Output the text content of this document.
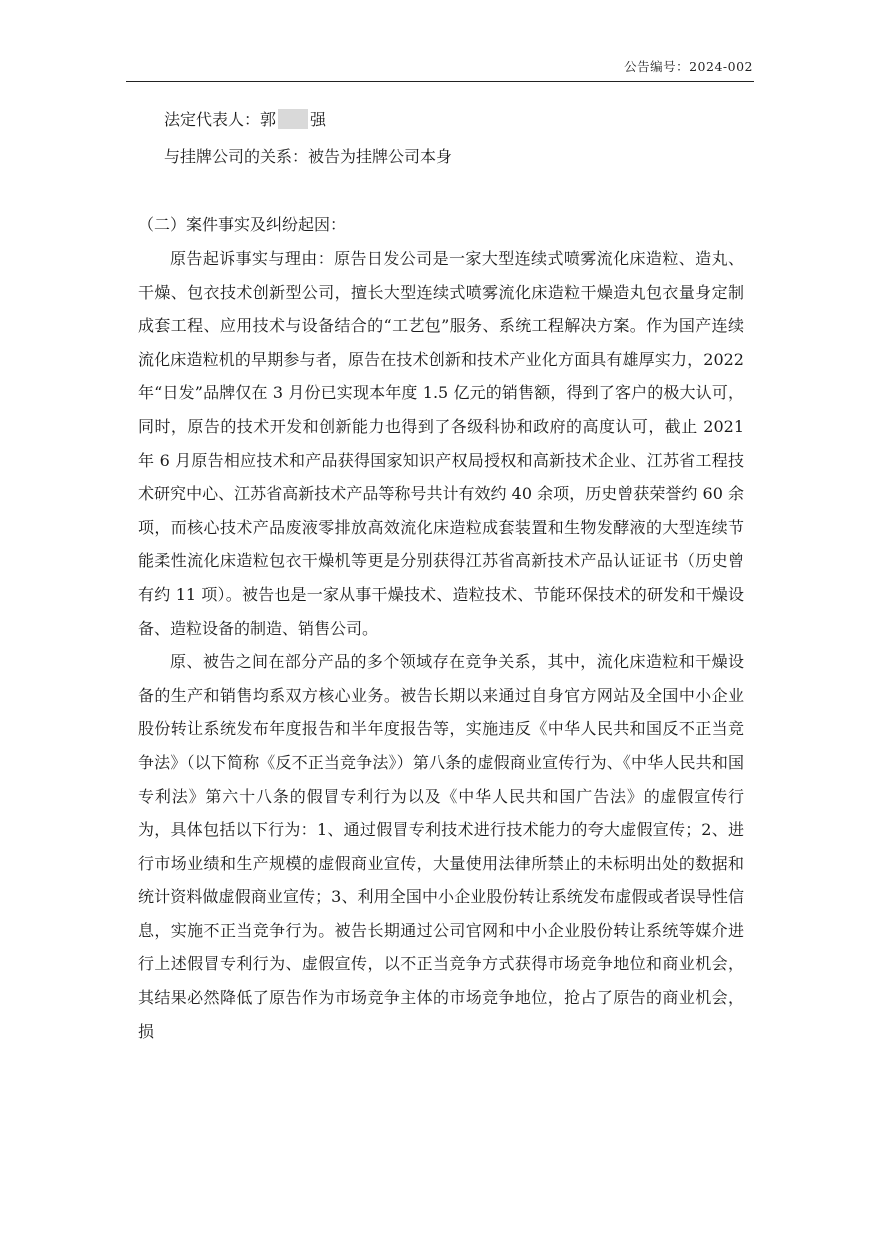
公告编号：2024-002
法定代表人：郭 强
与挂牌公司的关系：被告为挂牌公司本身
（二）案件事实及纠纷起因：

原告起诉事实与理由：原告日发公司是一家大型连续式喷雾流化床造粒、造丸、干燥、包衣技术创新型公司，擅长大型连续式喷雾流化床造粒干燥造丸包衣量身定制成套工程、应用技术与设备结合的“工艺包”服务、系统工程解决方案。作为国产连续流化床造粒机的早期参与者，原告在技术创新和技术产业化方面具有雄厚实力，2022 年“日发”品牌仅在 3 月份已实现本年度 1.5 亿元的销售额，得到了客户的极大认可，同时，原告的技术开发和创新能力也得到了各级科协和政府的高度认可，截止 2021 年 6 月原告相应技术和产品获得国家知识产权局授权和高新技术企业、江苏省工程技术研究中心、江苏省高新技术产品等称号共计有效约 40 余项，历史曾获荣誉约 60 余项，而核心技术产品废液零排放高效流化床造粒成套装置和生物发酵液的大型连续节能柔性流化床造粒包衣干燥机等更是分别获得江苏省高新技术产品认证证书（历史曾有约 11 项）。被告也是一家从事干燥技术、造粒技术、节能环保技术的研发和干燥设备、造粒设备的制造、销售公司。

原、被告之间在部分产品的多个领域存在竞争关系，其中，流化床造粒和干燥设备的生产和销售均系双方核心业务。被告长期以来通过自身官方网站及全国中小企业股份转让系统发布年度报告和半年度报告等，实施违反《中华人民共和国反不正当竞争法》（以下简称《反不正当竞争法》）第八条的虚假商业宣传行为、《中华人民共和国专利法》第六十八条的假冒专利行为以及《中华人民共和国广告法》的虚假宣传行为，具体包括以下行为：1、通过假冒专利技术进行技术能力的夸大虚假宣传；2、进行市场业绩和生产规模的虚假商业宣传，大量使用法律所禁止的未标明出处的数据和统计资料做虚假商业宣传；3、利用全国中小企业股份转让系统发布虚假或者误导性信息，实施不正当竞争行为。被告长期通过公司官网和中小企业股份转让系统等媒介进行上述假冒专利行为、虚假宣传，以不正当竞争方式获得市场竞争地位和商业机会，其结果必然降低了原告作为市场竞争主体的市场竞争地位，抢占了原告的商业机会，损
